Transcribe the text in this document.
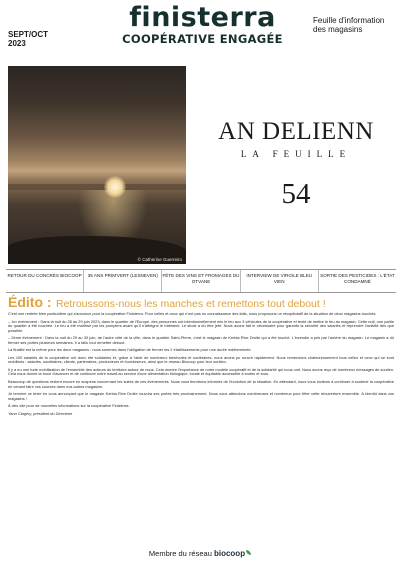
SEPT/OCT 2023
finisterra
COOPÉRATIVE ENGAGÉE
Feuille d'information des magasins
© Catherine Guerreiro
AN DELIENN
LA FEUILLE
54
RETOUR DU CONCRÈS BIOCOOP	35 ANS PRIM'VERT (LESNEVEN)	FÊTE DES VINS ET FROMAGES DU OTVANE
INTERVIEW DE VIRGILE BLEU VIEN
SORTIE DES PESTICIDES : L'ÉTAT CONDAMNÉ
Édito : Retroussons-nous les manches et remettons tout debout !

C'est une rentrée bien particulière qui s'annonce pour la coopérative Finisterra. Pour celles et ceux qui n'ont pas eu connaissance des faits, nous proposons un récapitulatif de la situation de deux magasins touchés.

– 1er évènement : Dans la nuit du 28 au 29 juin 2023, dans le quartier de l'Europe, des personnes ont intentionnellement mis le feu aux 3 véhicules de la coopérative et tenté de mettre le feu au magasin. Cette nuit, une partie du quartier a été touchée. Le feu a été maîtrisé par les pompiers avant qu'il n'atteigne le bâtiment. Le stock a dû être jeté. Nous avons fait le nécessaire pour garantir la sécurité des salariés et reprendre l'activité dès que possible.

– 2ème évènement : Dans la nuit du 29 au 30 juin, de l'autre côté de la ville, dans le quartier Saint-Pierre, c'est le magasin de Kerbia Rive Droite qui a été touché. L'incendie a pris par l'arrière du magasin. Le magasin a dû fermer ses portes plusieurs semaines. Il a fallu tout remettre debout.

La finalité est la même pour les deux magasins : nous sommes dans l'obligation de fermer les 2 établissements pour une durée indéterminée.

Les 100 salariés de la coopérative ont donc été solidaires et, grâce à l'aide de nombreux bénévoles et sociétaires, nous avons pu rouvrir rapidement. Nous remercions chaleureusement tous celles et ceux qui se sont mobilisés : salariés, sociétaires, clients, partenaires, producteurs et fournisseurs, ainsi que le réseau Biocoop pour leur soutien.

Il y a eu une forte mobilisation de l'ensemble des acteurs du territoire autour de nous. Cela montre l'importance de notre modèle coopératif et de la solidarité qui nous unit. Nous avons reçu de nombreux messages de soutien. Cela nous donne la force d'avancer et de continuer notre travail au service d'une alimentation biologique, locale et équitable accessible à toutes et tous.

Beaucoup de questions restent encore en suspens concernant les suites de ces évènements. Nous vous tiendrons informés de l'évolution de la situation. En attendant, nous vous invitons à continuer à soutenir la coopérative en venant faire vos courses dans nos autres magasins.

Je termine ce texte en vous annonçant que le magasin Kerbia Rive Droite rouvrira ses portes très prochainement. Nous vous attendons nombreuses et nombreux pour fêter cette réouverture ensemble. À bientôt dans vos magasins !

À très vite pour de nouvelles informations sur la coopérative Finisterra.

Yann Clagery, président du Directoire

Membre du réseau biocoop
